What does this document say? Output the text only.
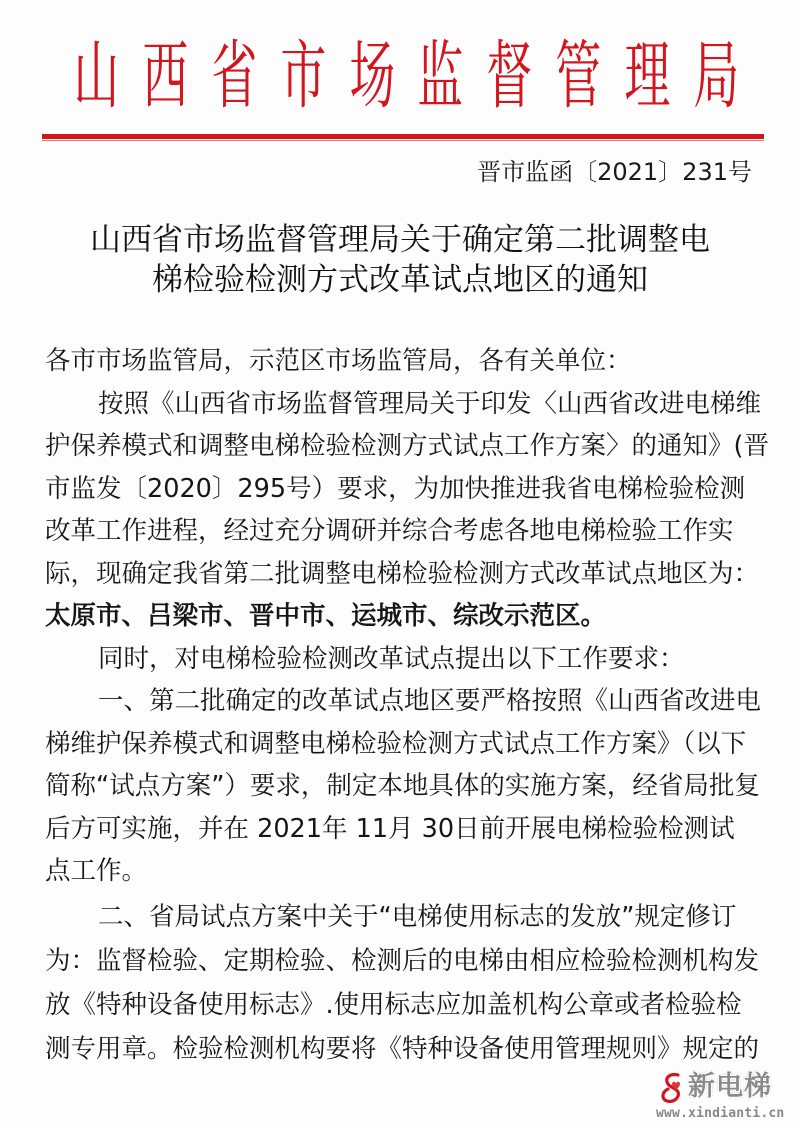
山 西 省 市 场 监 督 管 理 局
晋市监函〔2021〕231号
山西省市场监督管理局关于确定第二批调整电
梯检验检测方式改革试点地区的通知
各市市场监管局，示范区市场监管局，各有关单位：
按照《山西省市场监督管理局关于印发〈山西省改进电梯维
护保养模式和调整电梯检验检测方式试点工作方案〉的通知》(晋
市监发〔2020〕295号）要求，为加快推进我省电梯检验检测
改革工作进程，经过充分调研并综合考虑各地电梯检验工作实
际，现确定我省第二批调整电梯检验检测方式改革试点地区为：
太原市、吕梁市、晋中市、运城市、综改示范区。
同时，对电梯检验检测改革试点提出以下工作要求：
一、第二批确定的改革试点地区要严格按照《山西省改进电
梯维护保养模式和调整电梯检验检测方式试点工作方案》（以下
简称“试点方案”）要求，制定本地具体的实施方案，经省局批复
后方可实施，并在 2021年 11月 30日前开展电梯检验检测试
点工作。
二、省局试点方案中关于“电梯使用标志的发放”规定修订
为：监督检验、定期检验、检测后的电梯由相应检验检测机构发
放《特种设备使用标志》.使用标志应加盖机构公章或者检验检
测专用章。检验检测机构要将《特种设备使用管理规则》规定的
新电梯
www.xindianti.cn
